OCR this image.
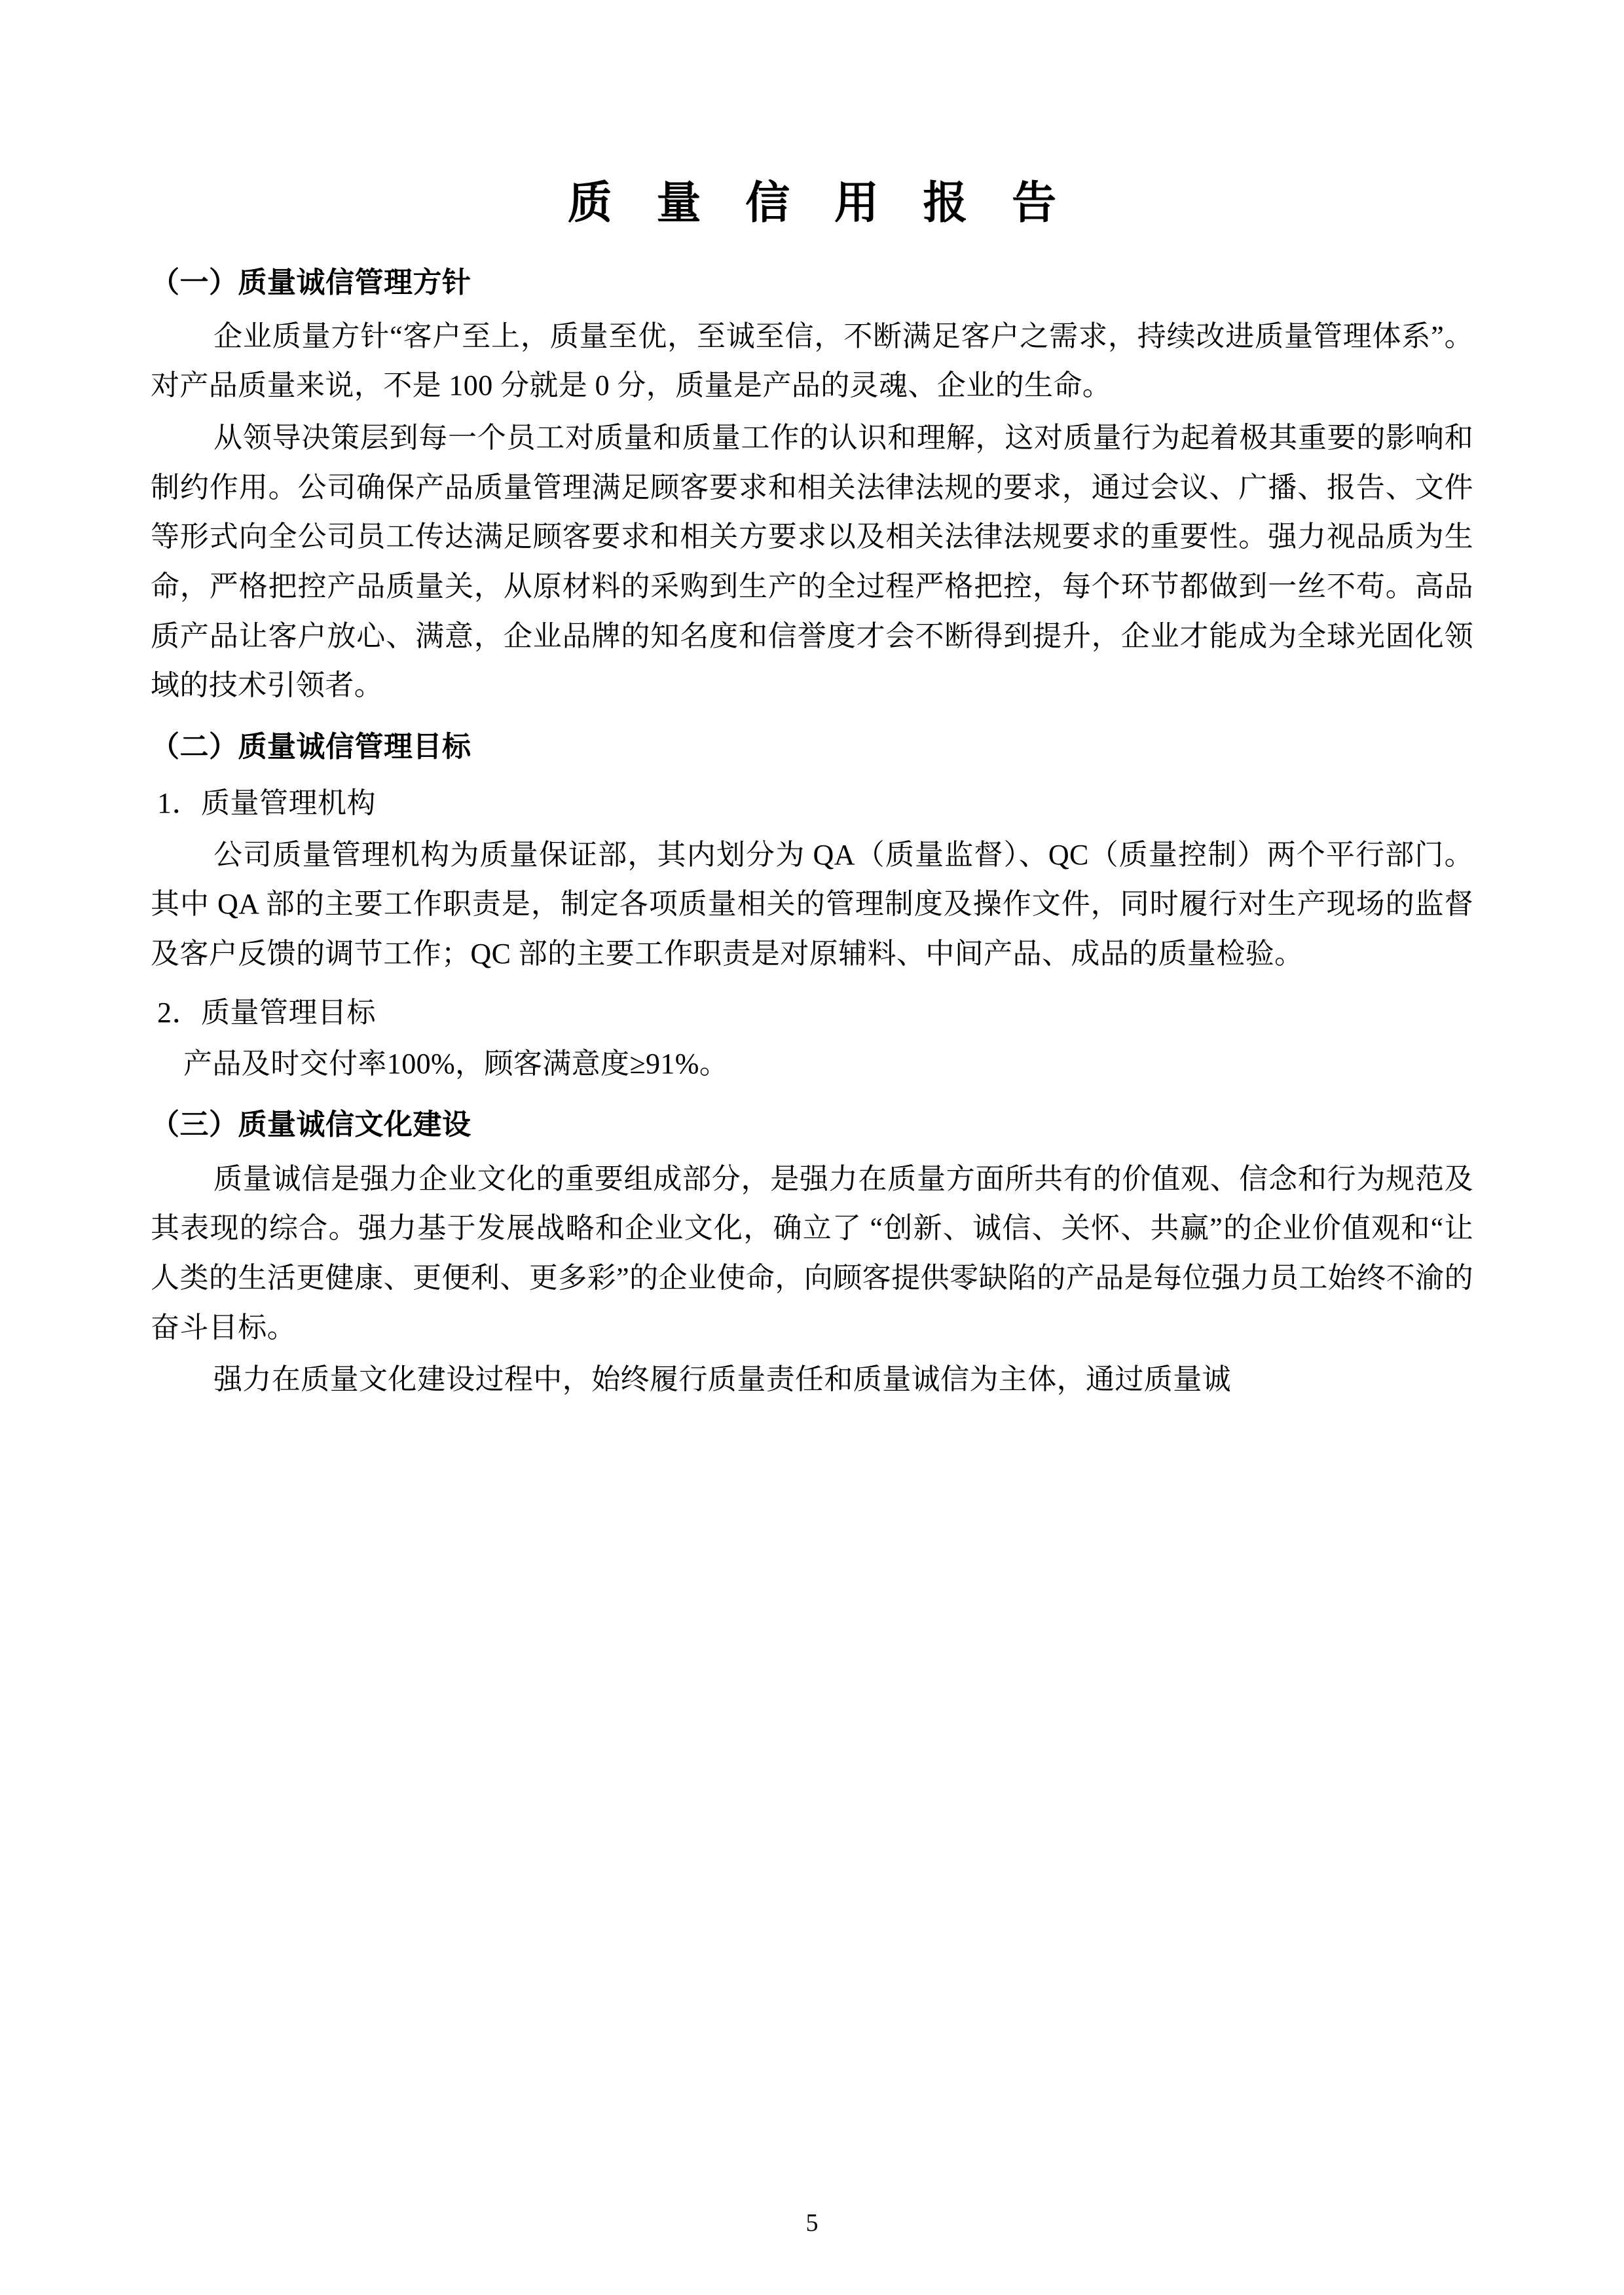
质 量 信 用 报 告
（一）质量诚信管理方针

企业质量方针“客户至上，质量至优，至诚至信，不断满足客户之需求，持续改进质量管理体系”。对产品质量来说，不是 100 分就是 0 分，质量是产品的灵魂、企业的生命。

从领导决策层到每一个员工对质量和质量工作的认识和理解，这对质量行为起着极其重要的影响和制约作用。公司确保产品质量管理满足顾客要求和相关法律法规的要求，通过会议、广播、报告、文件等形式向全公司员工传达满足顾客要求和相关方要求以及相关法律法规要求的重要性。强力视品质为生命，严格把控产品质量关，从原材料的采购到生产的全过程严格把控，每个环节都做到一丝不苟。高品质产品让客户放心、满意，企业品牌的知名度和信誉度才会不断得到提升，企业才能成为全球光固化领域的技术引领者。

（二）质量诚信管理目标
1．质量管理机构

公司质量管理机构为质量保证部，其内划分为 QA（质量监督）、QC（质量控制）两个平行部门。其中 QA 部的主要工作职责是，制定各项质量相关的管理制度及操作文件，同时履行对生产现场的监督及客户反馈的调节工作；QC 部的主要工作职责是对原辅料、中间产品、成品的质量检验。

2．质量管理目标

产品及时交付率100%，顾客满意度≥91%。

（三）质量诚信文化建设

质量诚信是强力企业文化的重要组成部分，是强力在质量方面所共有的价值观、信念和行为规范及其表现的综合。强力基于发展战略和企业文化，确立了 “创新、诚信、关怀、共赢”的企业价值观和“让人类的生活更健康、更便利、更多彩”的企业使命，向顾客提供零缺陷的产品是每位强力员工始终不渝的奋斗目标。

强力在质量文化建设过程中，始终履行质量责任和质量诚信为主体，通过质量诚

5
